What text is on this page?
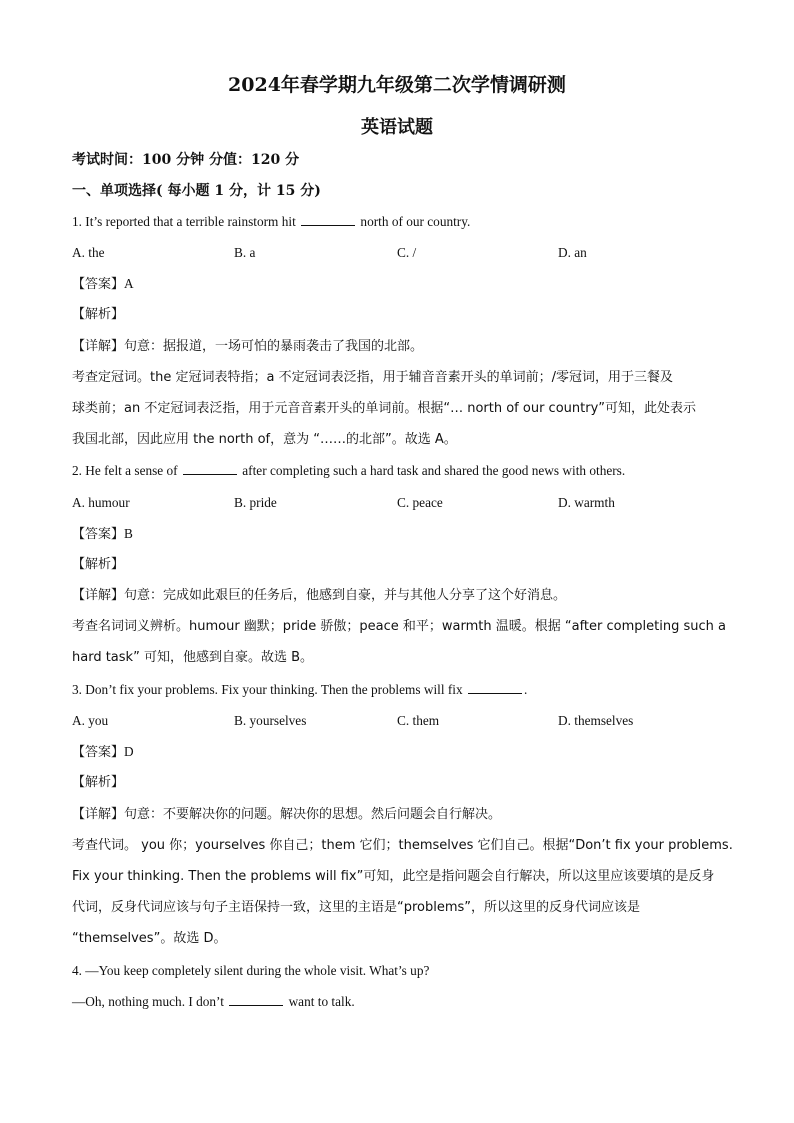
2024年春学期九年级第二次学情调研测
英语试题
考试时间：100 分钟 分值：120 分
一、单项选择( 每小题 1 分，计 15 分)
1. It’s reported that a terrible rainstorm hit	north of our country.
A. the	B. a	C. /	D. an
【答案】A
【解析】
【详解】句意：据报道，一场可怕的暴雨袭击了我国的北部。
考查定冠词。the 定冠词表特指；a 不定冠词表泛指，用于辅音音素开头的单词前；/零冠词，用于三餐及
球类前；an 不定冠词表泛指，用于元音音素开头的单词前。根据“… north of our country”可知，此处表示
我国北部，因此应用 the north of，意为 “……的北部”。故选 A。
2. He felt a sense of	after completing such a hard task and shared the good news with others.
A. humour	B. pride	C. peace	D. warmth
【答案】B
【解析】
【详解】句意：完成如此艰巨的任务后，他感到自豪，并与其他人分享了这个好消息。
考查名词词义辨析。humour 幽默；pride 骄傲；peace 和平；warmth 温暖。根据 “after completing such a
hard task” 可知，他感到自豪。故选 B。
3. Don’t fix your problems. Fix your thinking. Then the problems will fix	.
A. you	B. yourselves	C. them	D. themselves
【答案】D
【解析】
【详解】句意：不要解决你的问题。解决你的思想。然后问题会自行解决。
考查代词。 you 你；yourselves 你自己；them 它们；themselves 它们自己。根据“Don’t fix your problems.
Fix your thinking. Then the problems will fix”可知，此空是指问题会自行解决，所以这里应该要填的是反身
代词，反身代词应该与句子主语保持一致，这里的主语是“problems”，所以这里的反身代词应该是
“themselves”。故选 D。
4. —You keep completely silent during the whole visit. What’s up?
—Oh, nothing much. I don’t	want to talk.
